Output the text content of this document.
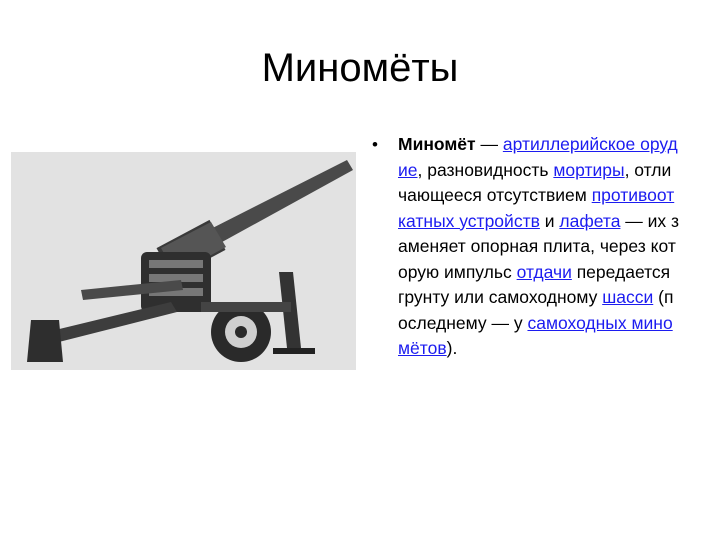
Миномёты
• Миномёт — артиллерийское орудие, разновидность мортиры, отличающееся отсутствием противооткатных устройств и лафета — их заменяет опорная плита, через которую импульс отдачи передается грунту или самоходному шасси (последнему — у самоходных миномётов).
